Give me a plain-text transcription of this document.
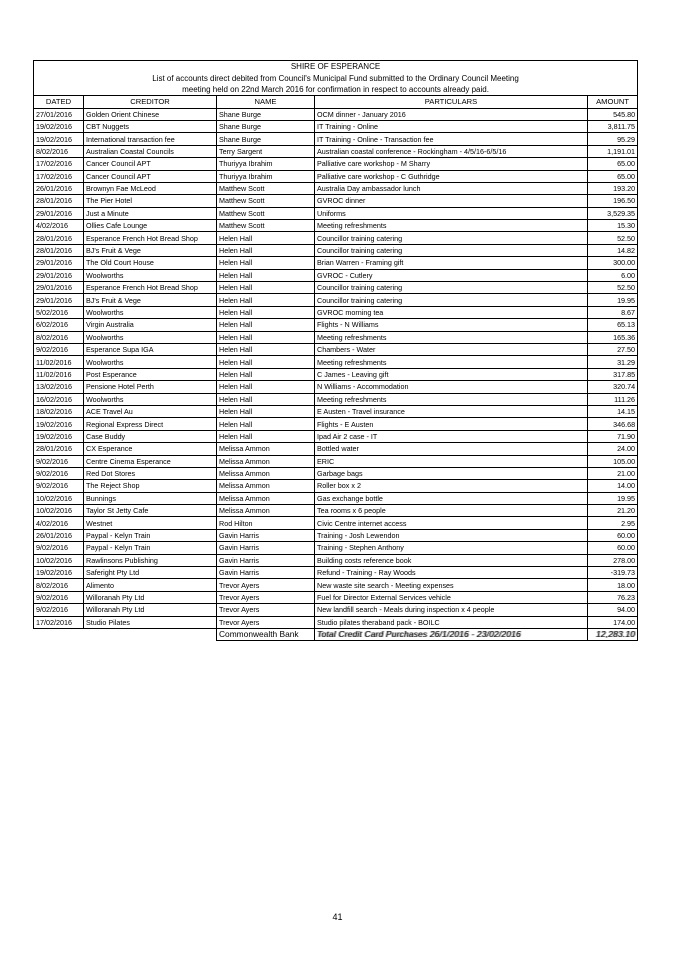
SHIRE OF ESPERANCE				
List of accounts direct debited from Council's Municipal Fund submitted to the Ordinary Council Meeting				
meeting held on 22nd March 2016 for confirmation in respect to accounts already paid.				
DATED	CREDITOR	NAME	PARTICULARS	AMOUNT
27/01/2016	Golden Orient Chinese	Shane Burge	OCM dinner - January 2016	545.80
19/02/2016	CBT Nuggets	Shane Burge	IT Training - Online	3,811.75
19/02/2016	International transaction fee	Shane Burge	IT Training - Online - Transaction fee	95.29
8/02/2016	Australian Coastal Councils	Terry Sargent	Australian coastal conference - Rockingham - 4/5/16-6/5/16	1,191.01
17/02/2016	Cancer Council APT	Thuriyya Ibrahim	Palliative care workshop - M Sharry	65.00
17/02/2016	Cancer Council APT	Thuriyya Ibrahim	Palliative care workshop - C Guthridge	65.00
26/01/2016	Brownyn Fae McLeod	Matthew Scott	Australia Day ambassador lunch	193.20
28/01/2016	The Pier Hotel	Matthew Scott	GVROC dinner	196.50
29/01/2016	Just a Minute	Matthew Scott	Uniforms	3,529.35
4/02/2016	Ollies Cafe Lounge	Matthew Scott	Meeting refreshments	15.30
28/01/2016	Esperance French Hot Bread Shop	Helen Hall	Councillor training catering	52.50
28/01/2016	BJ's Fruit & Vege	Helen Hall	Councillor training catering	14.82
29/01/2016	The Old Court House	Helen Hall	Brian Warren - Framing gift	300.00
29/01/2016	Woolworths	Helen Hall	GVROC - Cutlery	6.00
29/01/2016	Esperance French Hot Bread Shop	Helen Hall	Councillor training catering	52.50
29/01/2016	BJ's Fruit & Vege	Helen Hall	Councillor training catering	19.95
5/02/2016	Woolworths	Helen Hall	GVROC morning tea	8.67
6/02/2016	Virgin Australia	Helen Hall	Flights - N Williams	65.13
8/02/2016	Woolworths	Helen Hall	Meeting refreshments	165.36
9/02/2016	Esperance Supa IGA	Helen Hall	Chambers - Water	27.50
11/02/2016	Woolworths	Helen Hall	Meeting refreshments	31.29
11/02/2016	Post Esperance	Helen Hall	C James - Leaving gift	317.85
13/02/2016	Pensione Hotel Perth	Helen Hall	N Williams - Accommodation	320.74
16/02/2016	Woolworths	Helen Hall	Meeting refreshments	111.26
18/02/2016	ACE Travel Au	Helen Hall	E Austen - Travel insurance	14.15
19/02/2016	Regional Express Direct	Helen Hall	Flights - E Austen	346.68
19/02/2016	Case Buddy	Helen Hall	Ipad Air 2 case - IT	71.90
28/01/2016	CX Esperance	Melissa Ammon	Bottled water	24.00
9/02/2016	Centre Cinema Esperance	Melissa Ammon	ERIC	105.00
9/02/2016	Red Dot Stores	Melissa Ammon	Garbage bags	21.00
9/02/2016	The Reject Shop	Melissa Ammon	Roller box x 2	14.00
10/02/2016	Bunnings	Melissa Ammon	Gas exchange bottle	19.95
10/02/2016	Taylor St Jetty Cafe	Melissa Ammon	Tea rooms x 6 people	21.20
4/02/2016	Westnet	Rod Hilton	Civic Centre internet access	2.95
26/01/2016	Paypal - Kelyn Train	Gavin Harris	Training - Josh Lewendon	60.00
9/02/2016	Paypal - Kelyn Train	Gavin Harris	Training - Stephen Anthony	60.00
10/02/2016	Rawlinsons Publishing	Gavin Harris	Building costs reference book	278.00
19/02/2016	Saferight Pty Ltd	Gavin Harris	Refund - Training - Ray Woods	-319.73
8/02/2016	Alimento	Trevor Ayers	New waste site search - Meeting expenses	18.00
9/02/2016	Willoranah Pty Ltd	Trevor Ayers	Fuel for Director External Services vehicle	76.23
9/02/2016	Willoranah Pty Ltd	Trevor Ayers	New landfill search - Meals during inspection x 4 people	94.00
17/02/2016	Studio Pilates	Trevor Ayers	Studio pilates theraband pack - BOILC	174.00
		Commonwealth Bank	Total Credit Card Purchases 26/1/2016 - 23/02/2016	12,283.10
41
